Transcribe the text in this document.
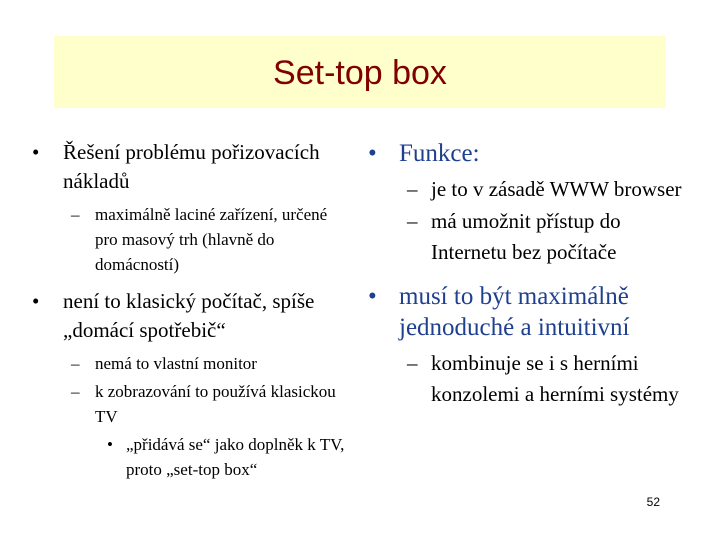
Set-top box
•	Řešení problému pořizovacích nákladů
– maximálně laciné zařízení, určené pro masový trh (hlavně do domácností)
•	není to klasický počítač, spíše „domácí spotřebič“
– nemá to vlastní monitor
– k zobrazování to používá klasickou TV
• „přidává se“ jako doplněk k TV, proto „set-top box“
• Funkce:
– je to v zásadě WWW browser
– má umožnit přístup do Internetu bez počítače
• musí to být maximálně jednoduché a intuitivní
– kombinuje se i s herními konzolemi a herními systémy
52
